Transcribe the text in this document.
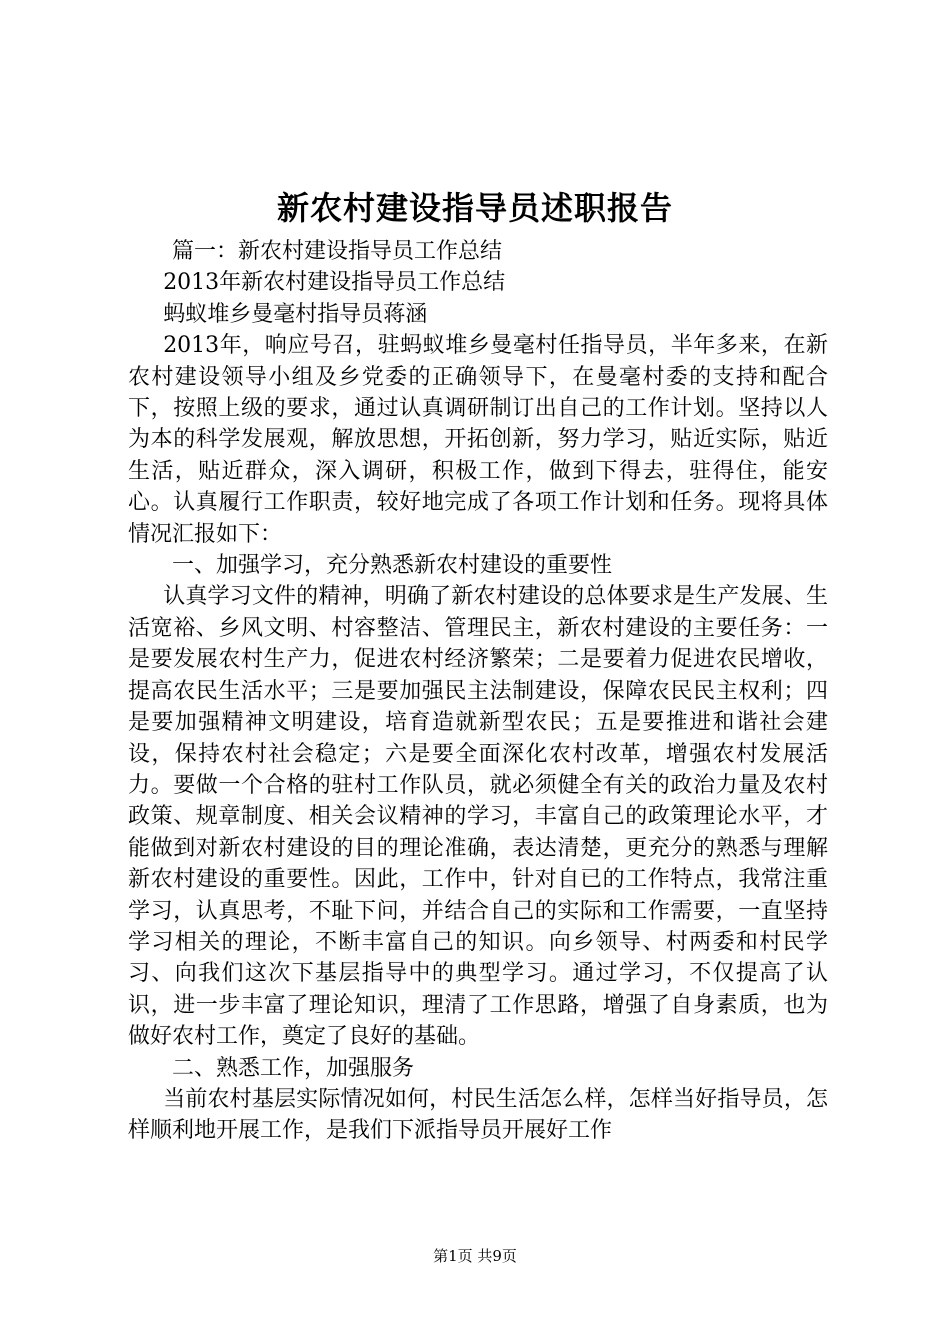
新农村建设指导员述职报告

篇一：新农村建设指导员工作总结

2013年新农村建设指导员工作总结

蚂蚁堆乡曼毫村指导员蒋涵

2013年，响应号召，驻蚂蚁堆乡曼毫村任指导员，半年多来，在新农村建设领导小组及乡党委的正确领导下，在曼毫村委的支持和配合下，按照上级的要求，通过认真调研制订出自己的工作计划。坚持以人为本的科学发展观，解放思想，开拓创新，努力学习，贴近实际，贴近生活，贴近群众，深入调研，积极工作，做到下得去，驻得住，能安心。认真履行工作职责，较好地完成了各项工作计划和任务。现将具体情况汇报如下：

一、加强学习，充分熟悉新农村建设的重要性

认真学习文件的精神，明确了新农村建设的总体要求是生产发展、生活宽裕、乡风文明、村容整洁、管理民主，新农村建设的主要任务：一是要发展农村生产力，促进农村经济繁荣；二是要着力促进农民增收，提高农民生活水平；三是要加强民主法制建设，保障农民民主权利；四是要加强精神文明建设，培育造就新型农民；五是要推进和谐社会建设，保持农村社会稳定；六是要全面深化农村改革，增强农村发展活力。要做一个合格的驻村工作队员，就必须健全有关的政治力量及农村政策、规章制度、相关会议精神的学习，丰富自己的政策理论水平，才能做到对新农村建设的目的理论准确，表达清楚，更充分的熟悉与理解新农村建设的重要性。因此，工作中，针对自已的工作特点，我常注重学习，认真思考，不耻下问，并结合自己的实际和工作需要，一直坚持学习相关的理论，不断丰富自己的知识。向乡领导、村两委和村民学习、向我们这次下基层指导中的典型学习。通过学习，不仅提高了认识，进一步丰富了理论知识，理清了工作思路，增强了自身素质，也为做好农村工作，奠定了良好的基础。

二、熟悉工作，加强服务

当前农村基层实际情况如何，村民生活怎么样，怎样当好指导员，怎样顺利地开展工作，是我们下派指导员开展好工作

第1页 共9页
